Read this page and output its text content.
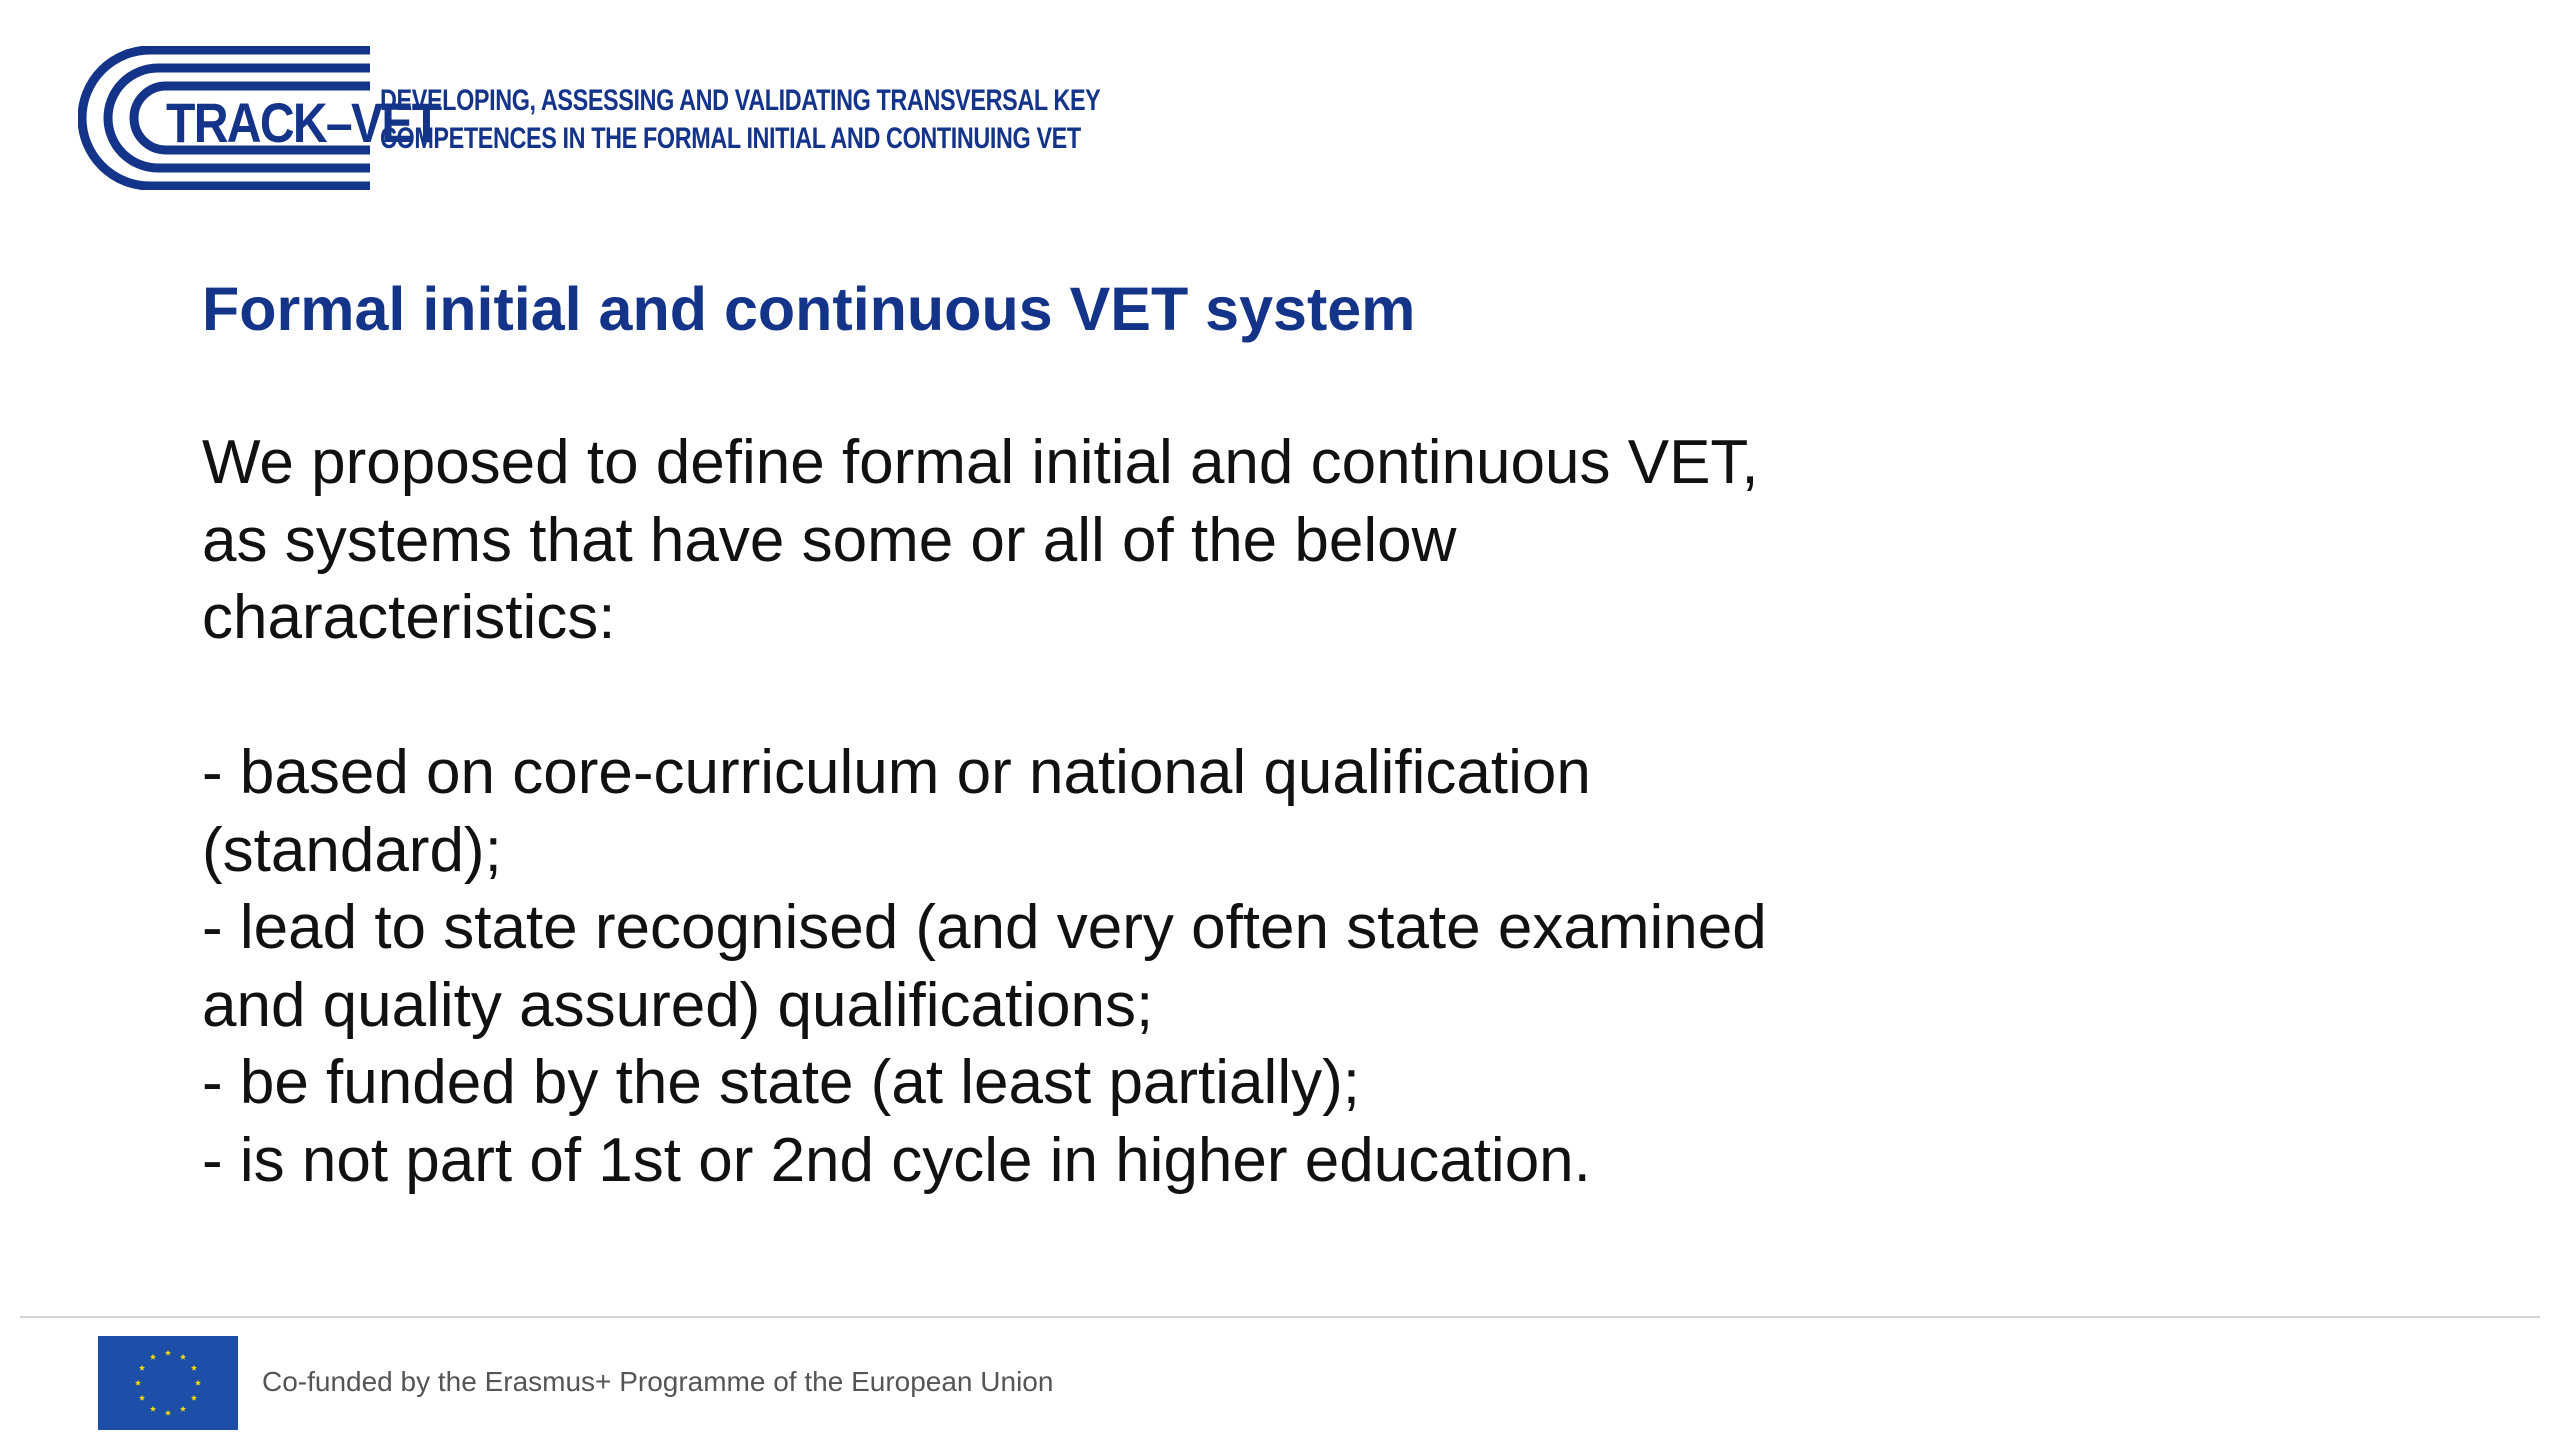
TRACK–VET
DEVELOPING, ASSESSING AND VALIDATING TRANSVERSAL KEY
COMPETENCES IN THE FORMAL INITIAL AND CONTINUING VET
Formal initial and continuous VET system
We proposed to define formal initial and continuous VET,
as systems that have some or all of the below
characteristics:
- based on core-curriculum or national qualification
(standard);
- lead to state recognised (and very often state examined
and quality assured) qualifications;
- be funded by the state (at least partially);
- is not part of 1st or 2nd cycle in higher education.
Co-funded by the Erasmus+ Programme of the European Union
